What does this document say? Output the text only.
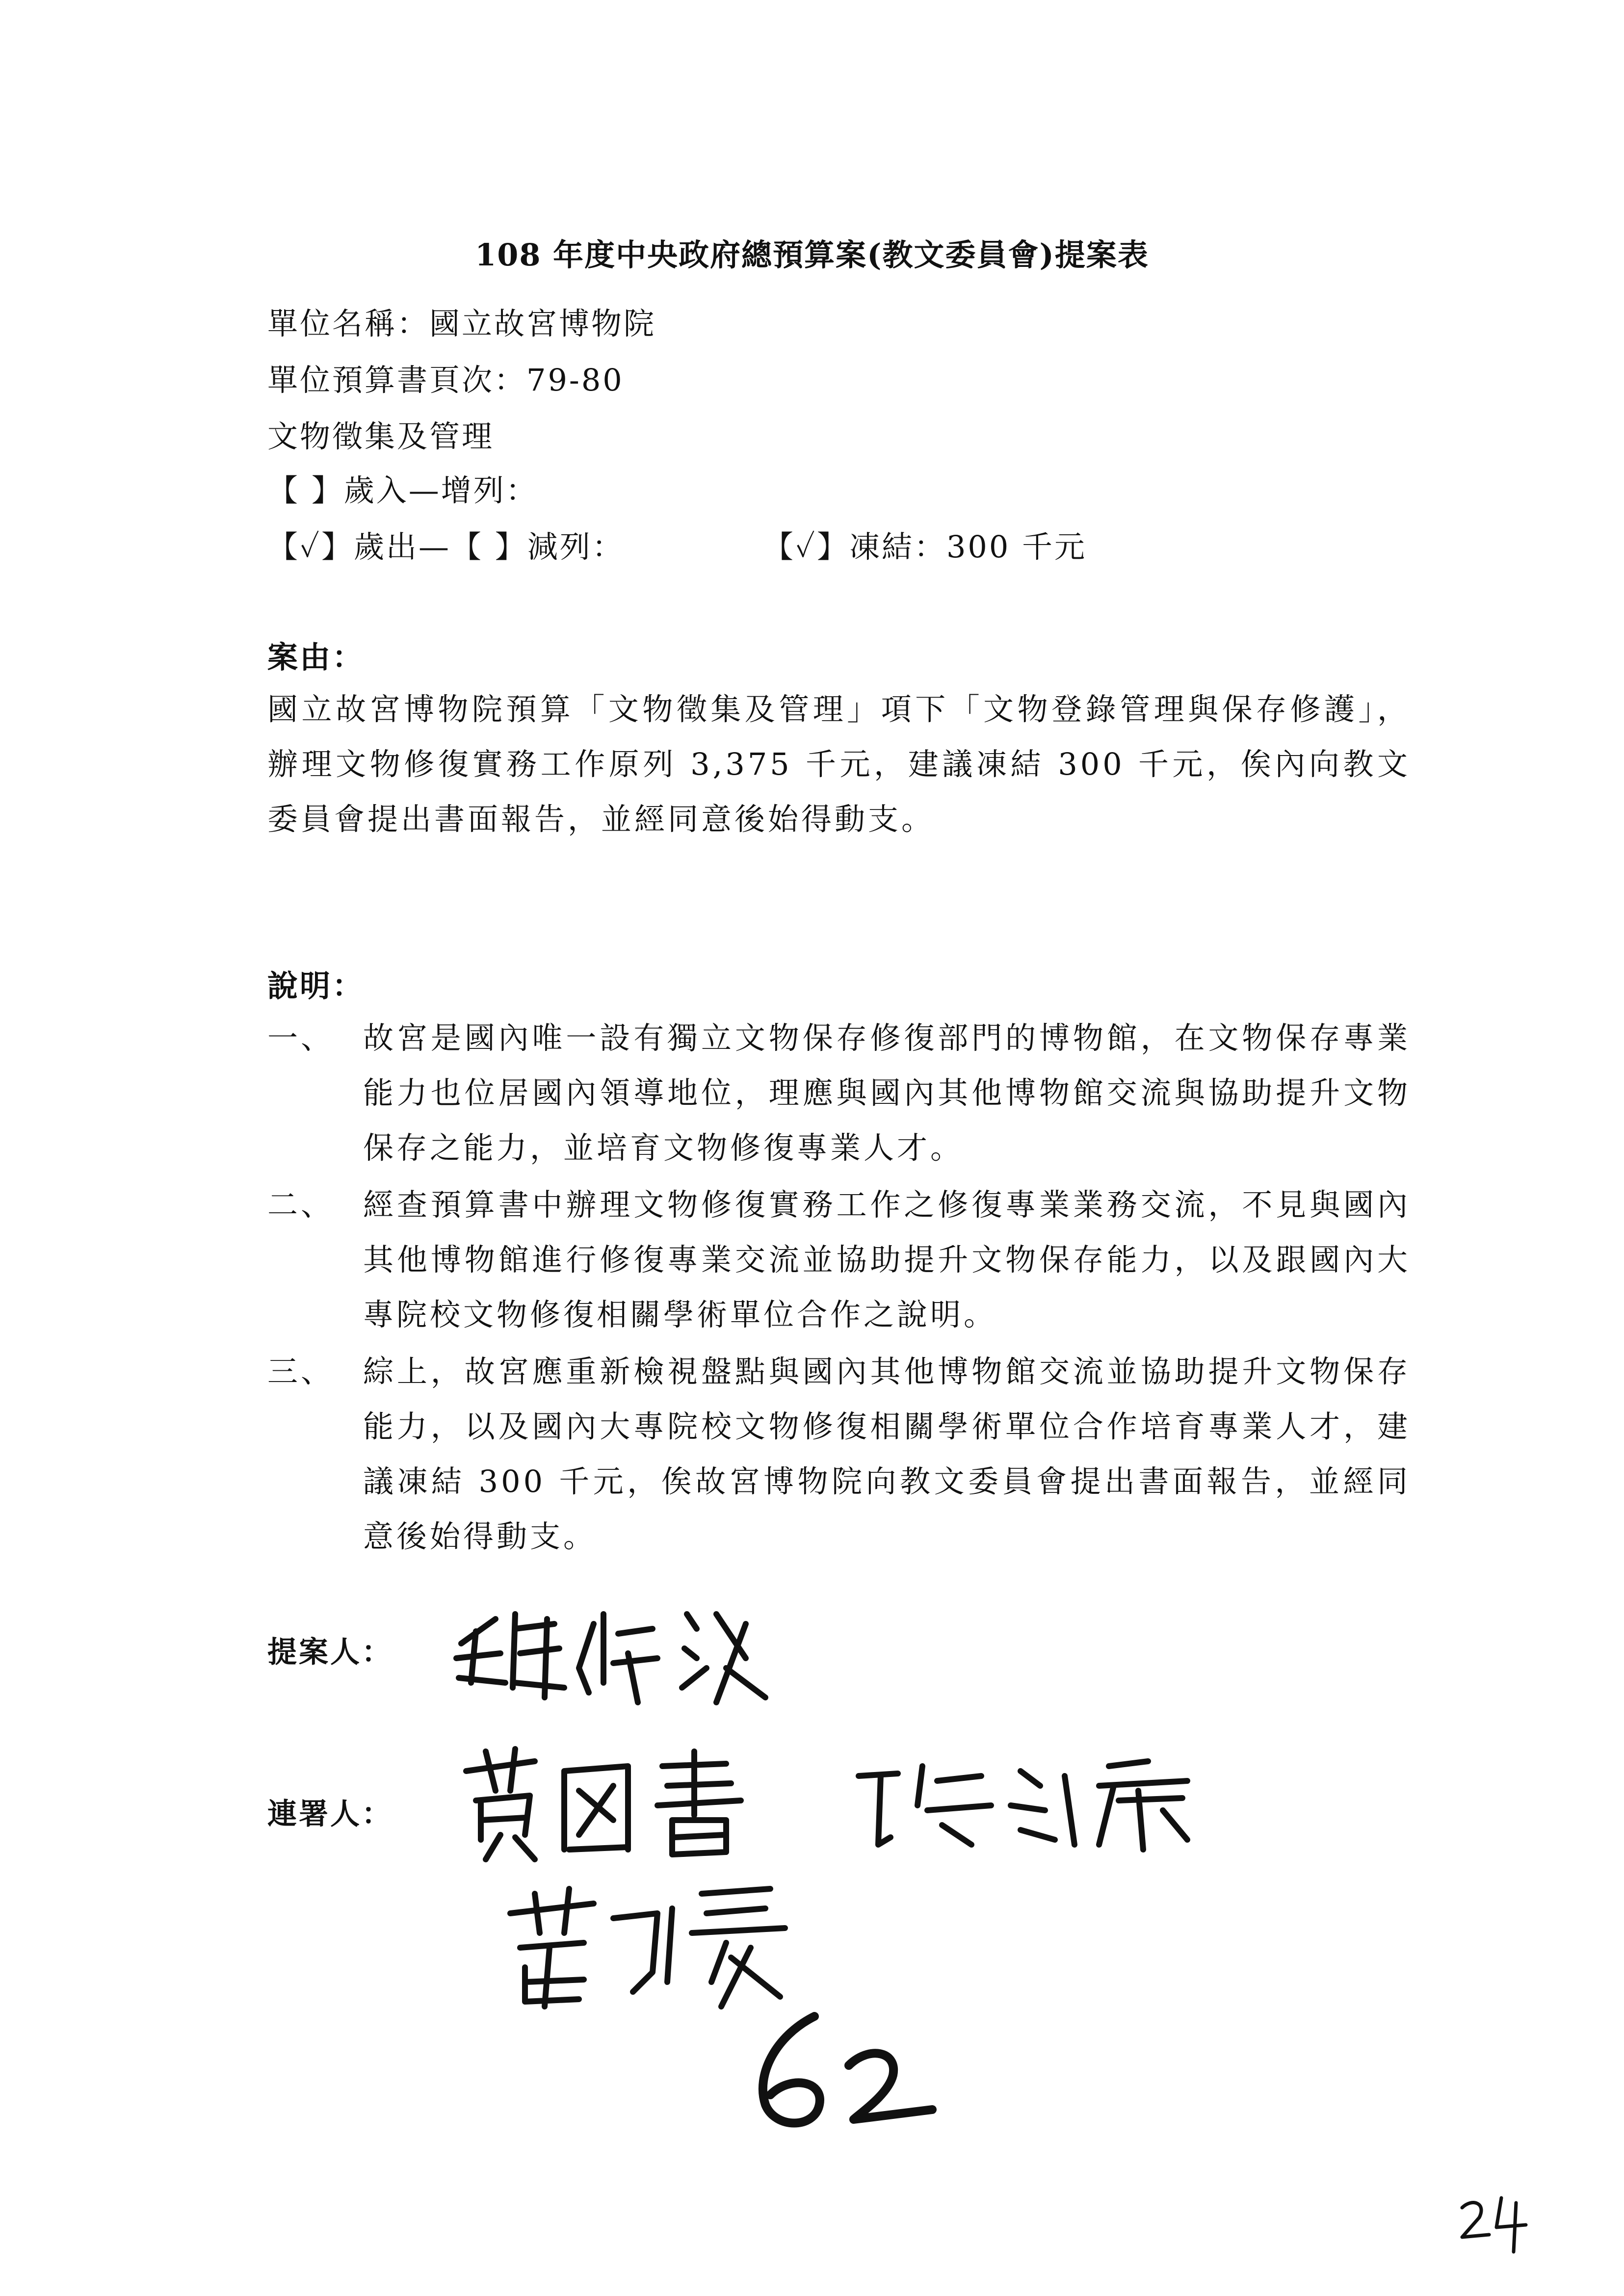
108 年度中央政府總預算案(教文委員會)提案表
單位名稱：國立故宮博物院
單位預算書頁次：79-80
文物徵集及管理
【 】歲入—增列：
【✓】歲出—【 】減列：	【✓】凍結：300 千元
案由：

國立故宮博物院預算「文物徵集及管理」項下「文物登錄管理與保存修護」，辦理文物修復實務工作原列 3,375 千元，建議凍結 300 千元，俟內向教文委員會提出書面報告，並經同意後始得動支。

說明：
一、 故宮是國內唯一設有獨立文物保存修復部門的博物館，在文物保存專業能力也位居國內領導地位，理應與國內其他博物館交流與協助提升文物保存之能力，並培育文物修復專業人才。

二、 經查預算書中辦理文物修復實務工作之修復專業業務交流，不見與國內其他博物館進行修復專業交流並協助提升文物保存能力，以及跟國內大專院校文物修復相關學術單位合作之說明。

三、 綜上，故宮應重新檢視盤點與國內其他博物館交流並協助提升文物保存能力，以及國內大專院校文物修復相關學術單位合作培育專業人才，建議凍結 300 千元，俟故宮博物院向教文委員會提出書面報告，並經同意後始得動支。

提案人：
連署人：
